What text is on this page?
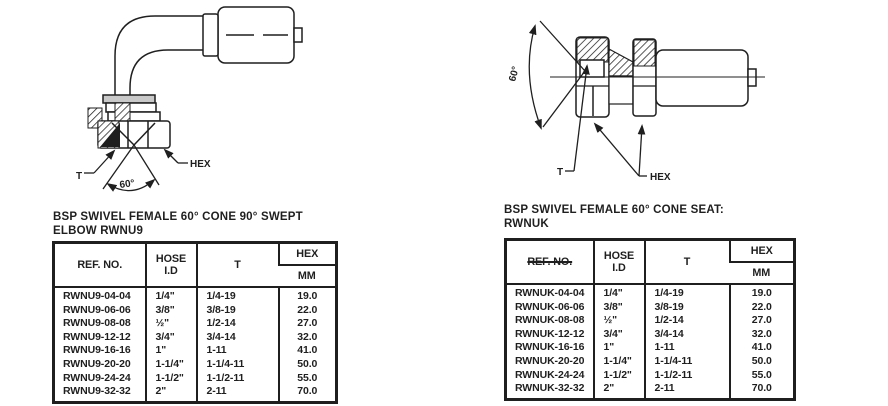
T
HEX
60°
T	HEX
60°
BSP SWIVEL FEMALE 60° CONE 90° SWEPT
ELBOW RWNU9
REF. NO.	HOSE
I.D	T	HEX
			MM
RWNU9-04-04	1/4"	1/4-19	19.0
RWNU9-06-06	3/8"	3/8-19	22.0
RWNU9-08-08	½"	1/2-14	27.0
RWNU9-12-12	3/4"	3/4-14	32.0
RWNU9-16-16	1"	1-11	41.0
RWNU9-20-20	1-1/4"	1-1/4-11	50.0
RWNU9-24-24	1-1/2"	1-1/2-11	55.0
RWNU9-32-32	2"	2-11	70.0
BSP SWIVEL FEMALE 60° CONE SEAT:
RWNUK
REF. NO.	HOSE
I.D	T	HEX
			MM
RWNUK-04-04	1/4"	1/4-19	19.0
RWNUK-06-06	3/8"	3/8-19	22.0
RWNUK-08-08	½"	1/2-14	27.0
RWNUK-12-12	3/4"	3/4-14	32.0
RWNUK-16-16	1"	1-11	41.0
RWNUK-20-20	1-1/4"	1-1/4-11	50.0
RWNUK-24-24	1-1/2"	1-1/2-11	55.0
RWNUK-32-32	2"	2-11	70.0
